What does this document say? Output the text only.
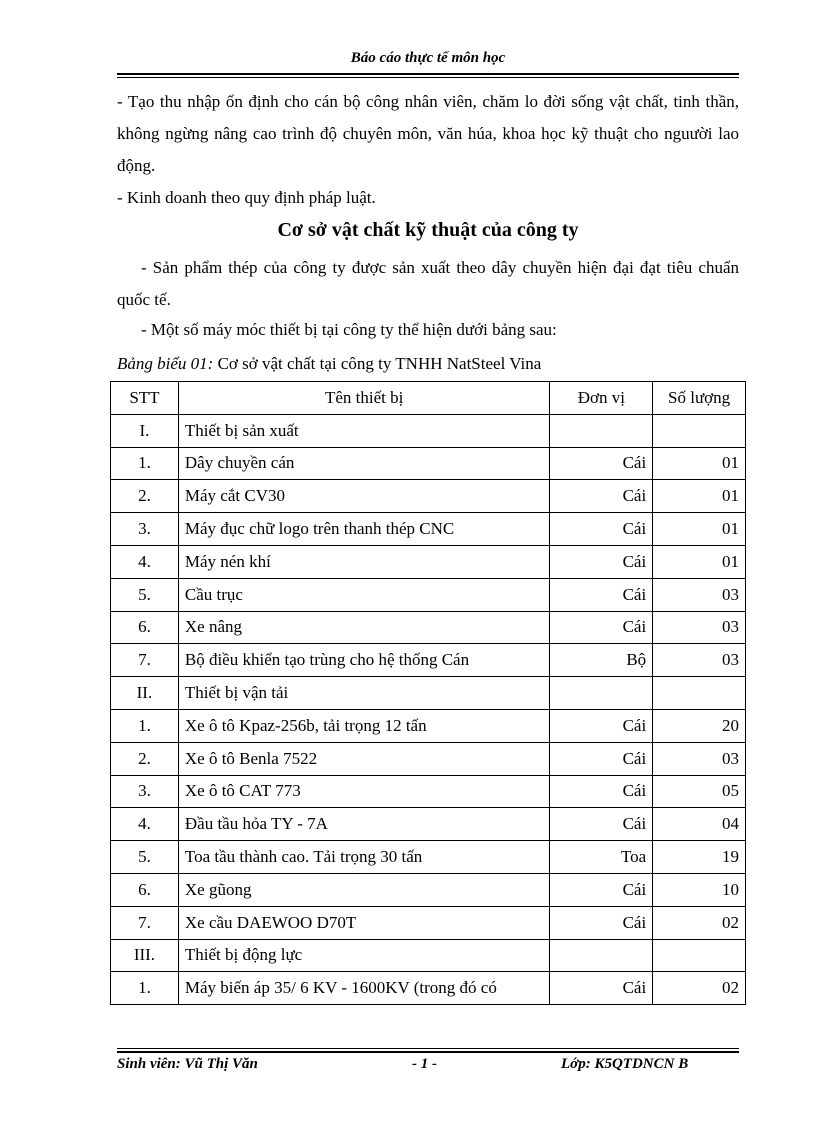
Báo cáo thực tế môn học
- Tạo thu nhập ổn định cho cán bộ công nhân viên, chăm lo đời sống vật chất, tinh thần, không ngừng nâng cao trình độ chuyên môn, văn húa, khoa học kỹ thuật cho nguười lao động.
- Kinh doanh theo quy định pháp luật.
Cơ sở vật chất kỹ thuật của công ty
- Sản phẩm thép của công ty được sản xuất theo dây chuyền hiện đại đạt tiêu chuẩn quốc tế.
- Một số máy móc thiết bị tại công ty thể hiện dưới bảng sau:
Bảng biểu 01: Cơ sở vật chất tại công ty TNHH NatSteel Vina
STT	Tên thiết bị	Đơn vị	Số lượng
I.	Thiết bị sản xuất		
1.	Dây chuyền cán	Cái	01
2.	Máy cắt CV30	Cái	01
3.	Máy đục chữ logo trên thanh thép CNC	Cái	01
4.	Máy nén khí	Cái	01
5.	Cầu trục	Cái	03
6.	Xe nâng	Cái	03
7.	Bộ điều khiển tạo trùng cho hệ thống Cán	Bộ	03
II.	Thiết bị vận tải		
1.	Xe ô tô Kpaz-256b, tải trọng 12 tấn	Cái	20
2.	Xe ô tô Benla 7522	Cái	03
3.	Xe ô tô CAT 773	Cái	05
4.	Đầu tầu hỏa TY - 7A	Cái	04
5.	Toa tầu thành cao. Tải trọng 30 tấn	Toa	19
6.	Xe gũong	Cái	10
7.	Xe cầu DAEWOO D70T	Cái	02
III.	Thiết bị động lực		
1.	Máy biến áp 35/ 6 KV - 1600KV (trong đó có	Cái	02
Sinh viên: Vũ Thị Văn	- 1 -	Lớp: K5QTDNCN B
